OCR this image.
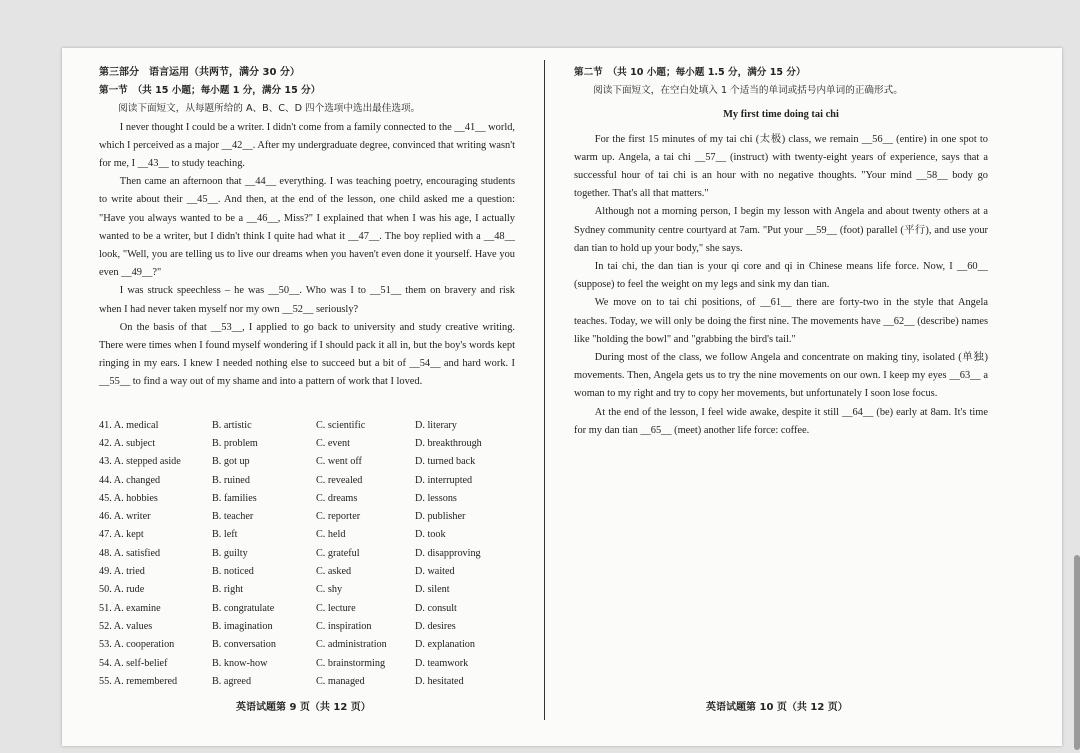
第三部分　语言运用（共两节，满分 30 分）
第一节　（共 15 小题；每小题 1 分，满分 15 分）
阅读下面短文，从每题所给的 A、B、C、D 四个选项中选出最佳选项。

I never thought I could be a writer. I didn't come from a family connected to the __41__ world, which I perceived as a major __42__. After my undergraduate degree, convinced that writing wasn't for me, I __43__ to study teaching.

Then came an afternoon that __44__ everything. I was teaching poetry, encouraging students to write about their __45__. And then, at the end of the lesson, one child asked me a question: "Have you always wanted to be a __46__, Miss?" I explained that when I was his age, I actually wanted to be a writer, but I didn't think I quite had what it __47__. The boy replied with a __48__ look, "Well, you are telling us to live our dreams when you haven't even done it yourself. Have you even __49__?"

I was struck speechless – he was __50__. Who was I to __51__ them on bravery and risk when I had never taken myself nor my own __52__ seriously?

On the basis of that __53__, I applied to go back to university and study creative writing. There were times when I found myself wondering if I should pack it all in, but the boy's words kept ringing in my ears. I knew I needed nothing else to succeed but a bit of __54__ and hard work. I __55__ to find a way out of my shame and into a pattern of work that I loved.

41. A. medical	B. artistic	C. scientific	D. literary
42. A. subject	B. problem	C. event	D. breakthrough
43. A. stepped aside	B. got up	C. went off	D. turned back
44. A. changed	B. ruined	C. revealed	D. interrupted
45. A. hobbies	B. families	C. dreams	D. lessons
46. A. writer	B. teacher	C. reporter	D. publisher
47. A. kept	B. left	C. held	D. took
48. A. satisfied	B. guilty	C. grateful	D. disapproving
49. A. tried	B. noticed	C. asked	D. waited
50. A. rude	B. right	C. shy	D. silent
51. A. examine	B. congratulate	C. lecture	D. consult
52. A. values	B. imagination	C. inspiration	D. desires
53. A. cooperation	B. conversation	C. administration	D. explanation
54. A. self-belief	B. know-how	C. brainstorming	D. teamwork
55. A. remembered	B. agreed	C. managed	D. hesitated
英语试题第 9 页（共 12 页）
第二节　（共 10 小题；每小题 1.5 分，满分 15 分）
阅读下面短文，在空白处填入 1 个适当的单词或括号内单词的正确形式。

My first time doing tai chi

For the first 15 minutes of my tai chi (太极) class, we remain __56__ (entire) in one spot to warm up. Angela, a tai chi __57__ (instruct) with twenty-eight years of experience, says that a successful hour of tai chi is an hour with no negative thoughts. "Your mind __58__ body go together. That's all that matters."

Although not a morning person, I begin my lesson with Angela and about twenty others at a Sydney community centre courtyard at 7am. "Put your __59__ (foot) parallel (平行), and use your dan tian to hold up your body," she says.

In tai chi, the dan tian is your qi core and qi in Chinese means life force. Now, I __60__ (suppose) to feel the weight on my legs and sink my dan tian.

We move on to tai chi positions, of __61__ there are forty-two in the style that Angela teaches. Today, we will only be doing the first nine. The movements have __62__ (describe) names like "holding the bowl" and "grabbing the bird's tail."

During most of the class, we follow Angela and concentrate on making tiny, isolated (单独) movements. Then, Angela gets us to try the nine movements on our own. I keep my eyes __63__ a woman to my right and try to copy her movements, but unfortunately I soon lose focus.

At the end of the lesson, I feel wide awake, despite it still __64__ (be) early at 8am. It's time for my dan tian __65__ (meet) another life force: coffee.

英语试题第 10 页（共 12 页）
